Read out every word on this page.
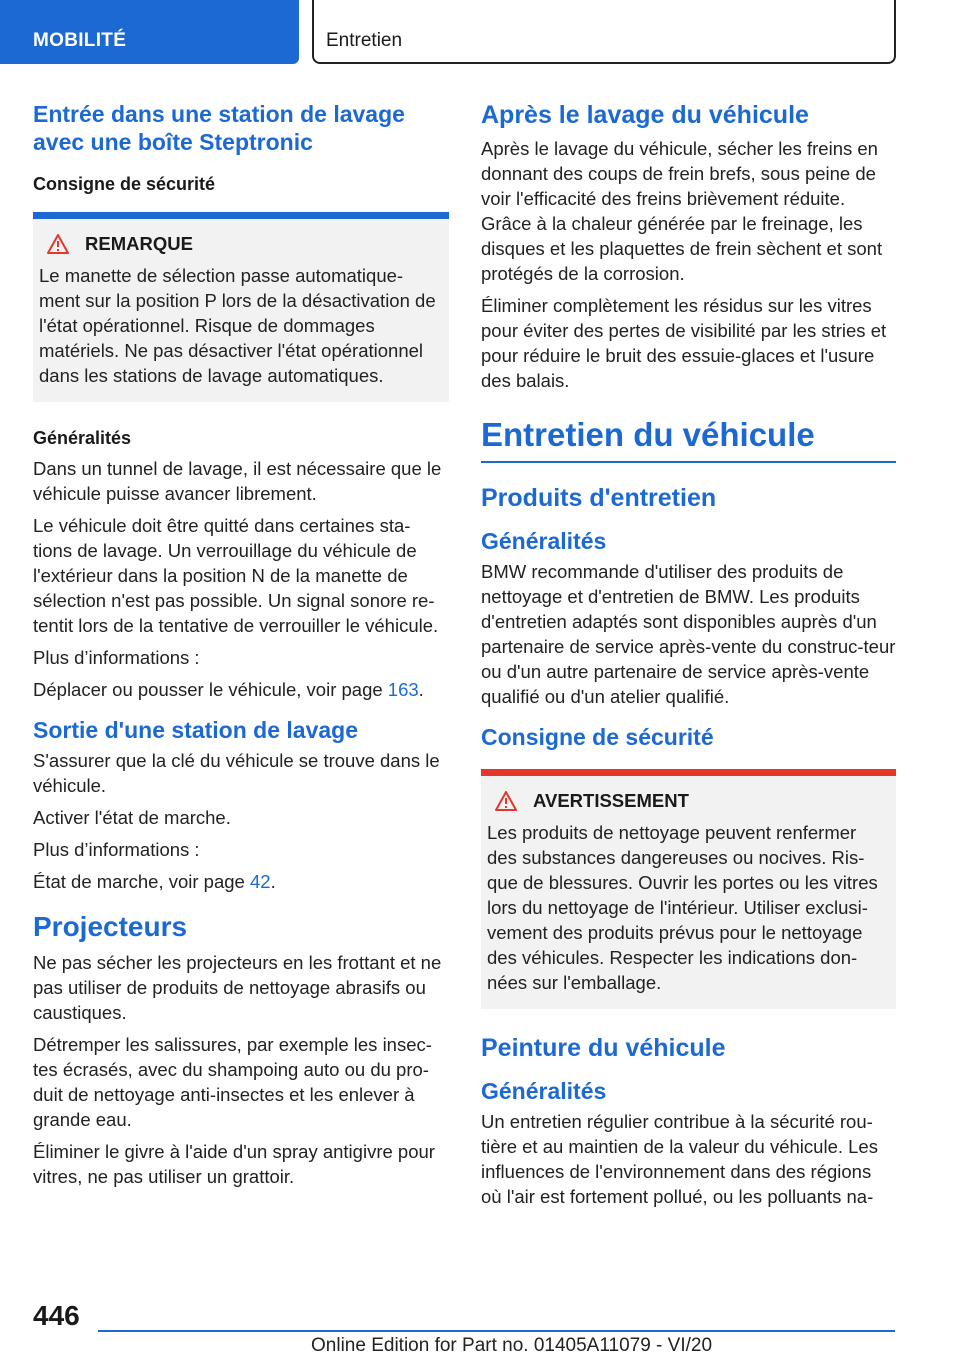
MOBILITÉ	Entretien
Entrée dans une station de lavage avec une boîte Steptronic
Consigne de sécurité
REMARQUE

Le manette de sélection passe automatique-ment sur la position P lors de la désactivation de l'état opérationnel. Risque de dommages matériels. Ne pas désactiver l'état opérationnel dans les stations de lavage automatiques.

Généralités

Dans un tunnel de lavage, il est nécessaire que le véhicule puisse avancer librement.

Le véhicule doit être quitté dans certaines sta-tions de lavage. Un verrouillage du véhicule de l'extérieur dans la position N de la manette de sélection n'est pas possible. Un signal sonore re-tentit lors de la tentative de verrouiller le véhicule.

Plus d’informations :

Déplacer ou pousser le véhicule, voir page 163.

Sortie d'une station de lavage

S'assurer que la clé du véhicule se trouve dans le véhicule.

Activer l'état de marche.

Plus d’informations :

État de marche, voir page 42.

Projecteurs

Ne pas sécher les projecteurs en les frottant et ne pas utiliser de produits de nettoyage abrasifs ou caustiques.

Détremper les salissures, par exemple les insec-tes écrasés, avec du shampoing auto ou du pro-duit de nettoyage anti-insectes et les enlever à grande eau.

Éliminer le givre à l'aide d'un spray antigivre pour vitres, ne pas utiliser un grattoir.

Après le lavage du véhicule

Après le lavage du véhicule, sécher les freins en donnant des coups de frein brefs, sous peine de voir l'efficacité des freins brièvement réduite. Grâce à la chaleur générée par le freinage, les disques et les plaquettes de frein sèchent et sont protégés de la corrosion.

Éliminer complètement les résidus sur les vitres pour éviter des pertes de visibilité par les stries et pour réduire le bruit des essuie-glaces et l'usure des balais.

Entretien du véhicule
Produits d'entretien
Généralités

BMW recommande d'utiliser des produits de nettoyage et d'entretien de BMW. Les produits d'entretien adaptés sont disponibles auprès d'un partenaire de service après-vente du construc-teur ou d'un autre partenaire de service après-vente qualifié ou d'un atelier qualifié.

Consigne de sécurité
AVERTISSEMENT

Les produits de nettoyage peuvent renfermer des substances dangereuses ou nocives. Ris-que de blessures. Ouvrir les portes ou les vitres lors du nettoyage de l'intérieur. Utiliser exclusi-vement des produits prévus pour le nettoyage des véhicules. Respecter les indications don-nées sur l'emballage.

Peinture du véhicule
Généralités

Un entretien régulier contribue à la sécurité rou-tière et au maintien de la valeur du véhicule. Les influences de l'environnement dans des régions où l'air est fortement pollué, ou les polluants na-

446
Online Edition for Part no. 01405A11079 - VI/20
